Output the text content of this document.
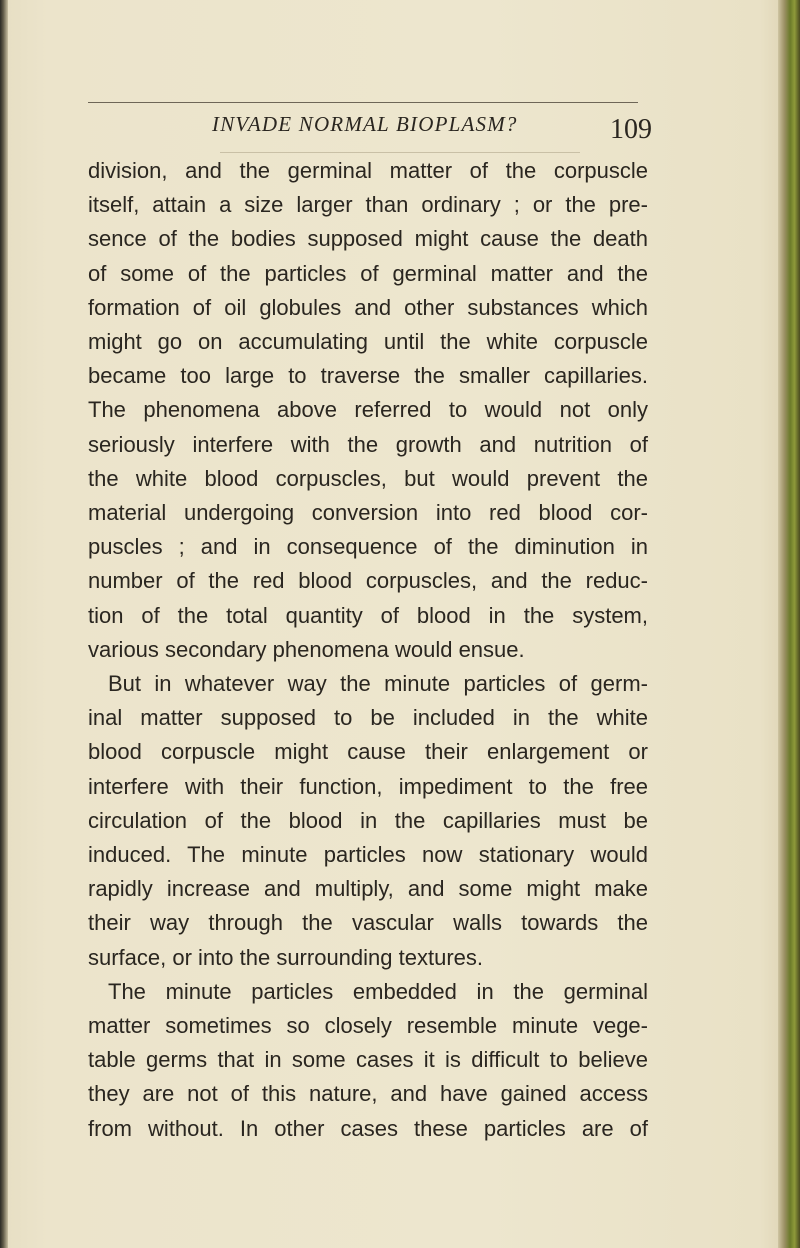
INVADE NORMAL BIOPLASM?	109
division, and the germinal matter of the corpuscle
itself, attain a size larger than ordinary ; or the pre-
sence of the bodies supposed might cause the death
of some of the particles of germinal matter and the
formation of oil globules and other substances which
might go on accumulating until the white corpuscle
became too large to traverse the smaller capillaries.
The phenomena above referred to would not only
seriously interfere with the growth and nutrition of
the white blood corpuscles, but would prevent the
material undergoing conversion into red blood cor-
puscles ; and in consequence of the diminution in
number of the red blood corpuscles, and the reduc-
tion of the total quantity of blood in the system,
various secondary phenomena would ensue.
But in whatever way the minute particles of germ-
inal matter supposed to be included in the white
blood corpuscle might cause their enlargement or
interfere with their function, impediment to the free
circulation of the blood in the capillaries must be
induced. The minute particles now stationary would
rapidly increase and multiply, and some might make
their way through the vascular walls towards the
surface, or into the surrounding textures.
The minute particles embedded in the germinal
matter sometimes so closely resemble minute vege-
table germs that in some cases it is difficult to believe
they are not of this nature, and have gained access
from without. In other cases these particles are of
